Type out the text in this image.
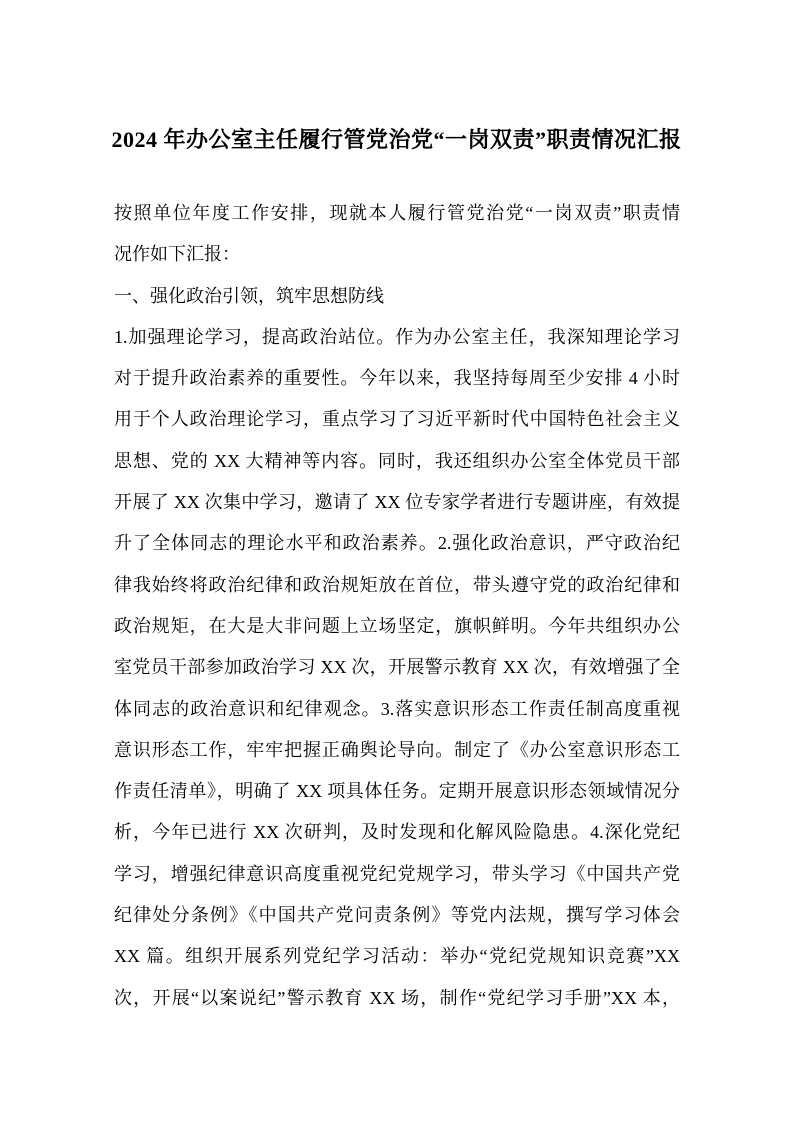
2024 年办公室主任履行管党治党“一岗双责”职责情况汇报
按照单位年度工作安排，现就本人履行管党治党“一岗双责”职责情
况作如下汇报：
一、强化政治引领，筑牢思想防线
1.加强理论学习，提高政治站位。作为办公室主任，我深知理论学习
对于提升政治素养的重要性。今年以来，我坚持每周至少安排 4 小时
用于个人政治理论学习，重点学习了习近平新时代中国特色社会主义
思想、党的 XX 大精神等内容。同时，我还组织办公室全体党员干部
开展了 XX 次集中学习，邀请了 XX 位专家学者进行专题讲座，有效提
升了全体同志的理论水平和政治素养。2.强化政治意识，严守政治纪
律我始终将政治纪律和政治规矩放在首位，带头遵守党的政治纪律和
政治规矩，在大是大非问题上立场坚定，旗帜鲜明。今年共组织办公
室党员干部参加政治学习 XX 次，开展警示教育 XX 次，有效增强了全
体同志的政治意识和纪律观念。3.落实意识形态工作责任制高度重视
意识形态工作，牢牢把握正确舆论导向。制定了《办公室意识形态工
作责任清单》，明确了 XX 项具体任务。定期开展意识形态领域情况分
析，今年已进行 XX 次研判，及时发现和化解风险隐患。4.深化党纪
学习，增强纪律意识高度重视党纪党规学习，带头学习《中国共产党
纪律处分条例》《中国共产党问责条例》等党内法规，撰写学习体会
XX 篇。组织开展系列党纪学习活动：举办“党纪党规知识竞赛”XX
次，开展“以案说纪”警示教育 XX 场，制作“党纪学习手册”XX 本，
